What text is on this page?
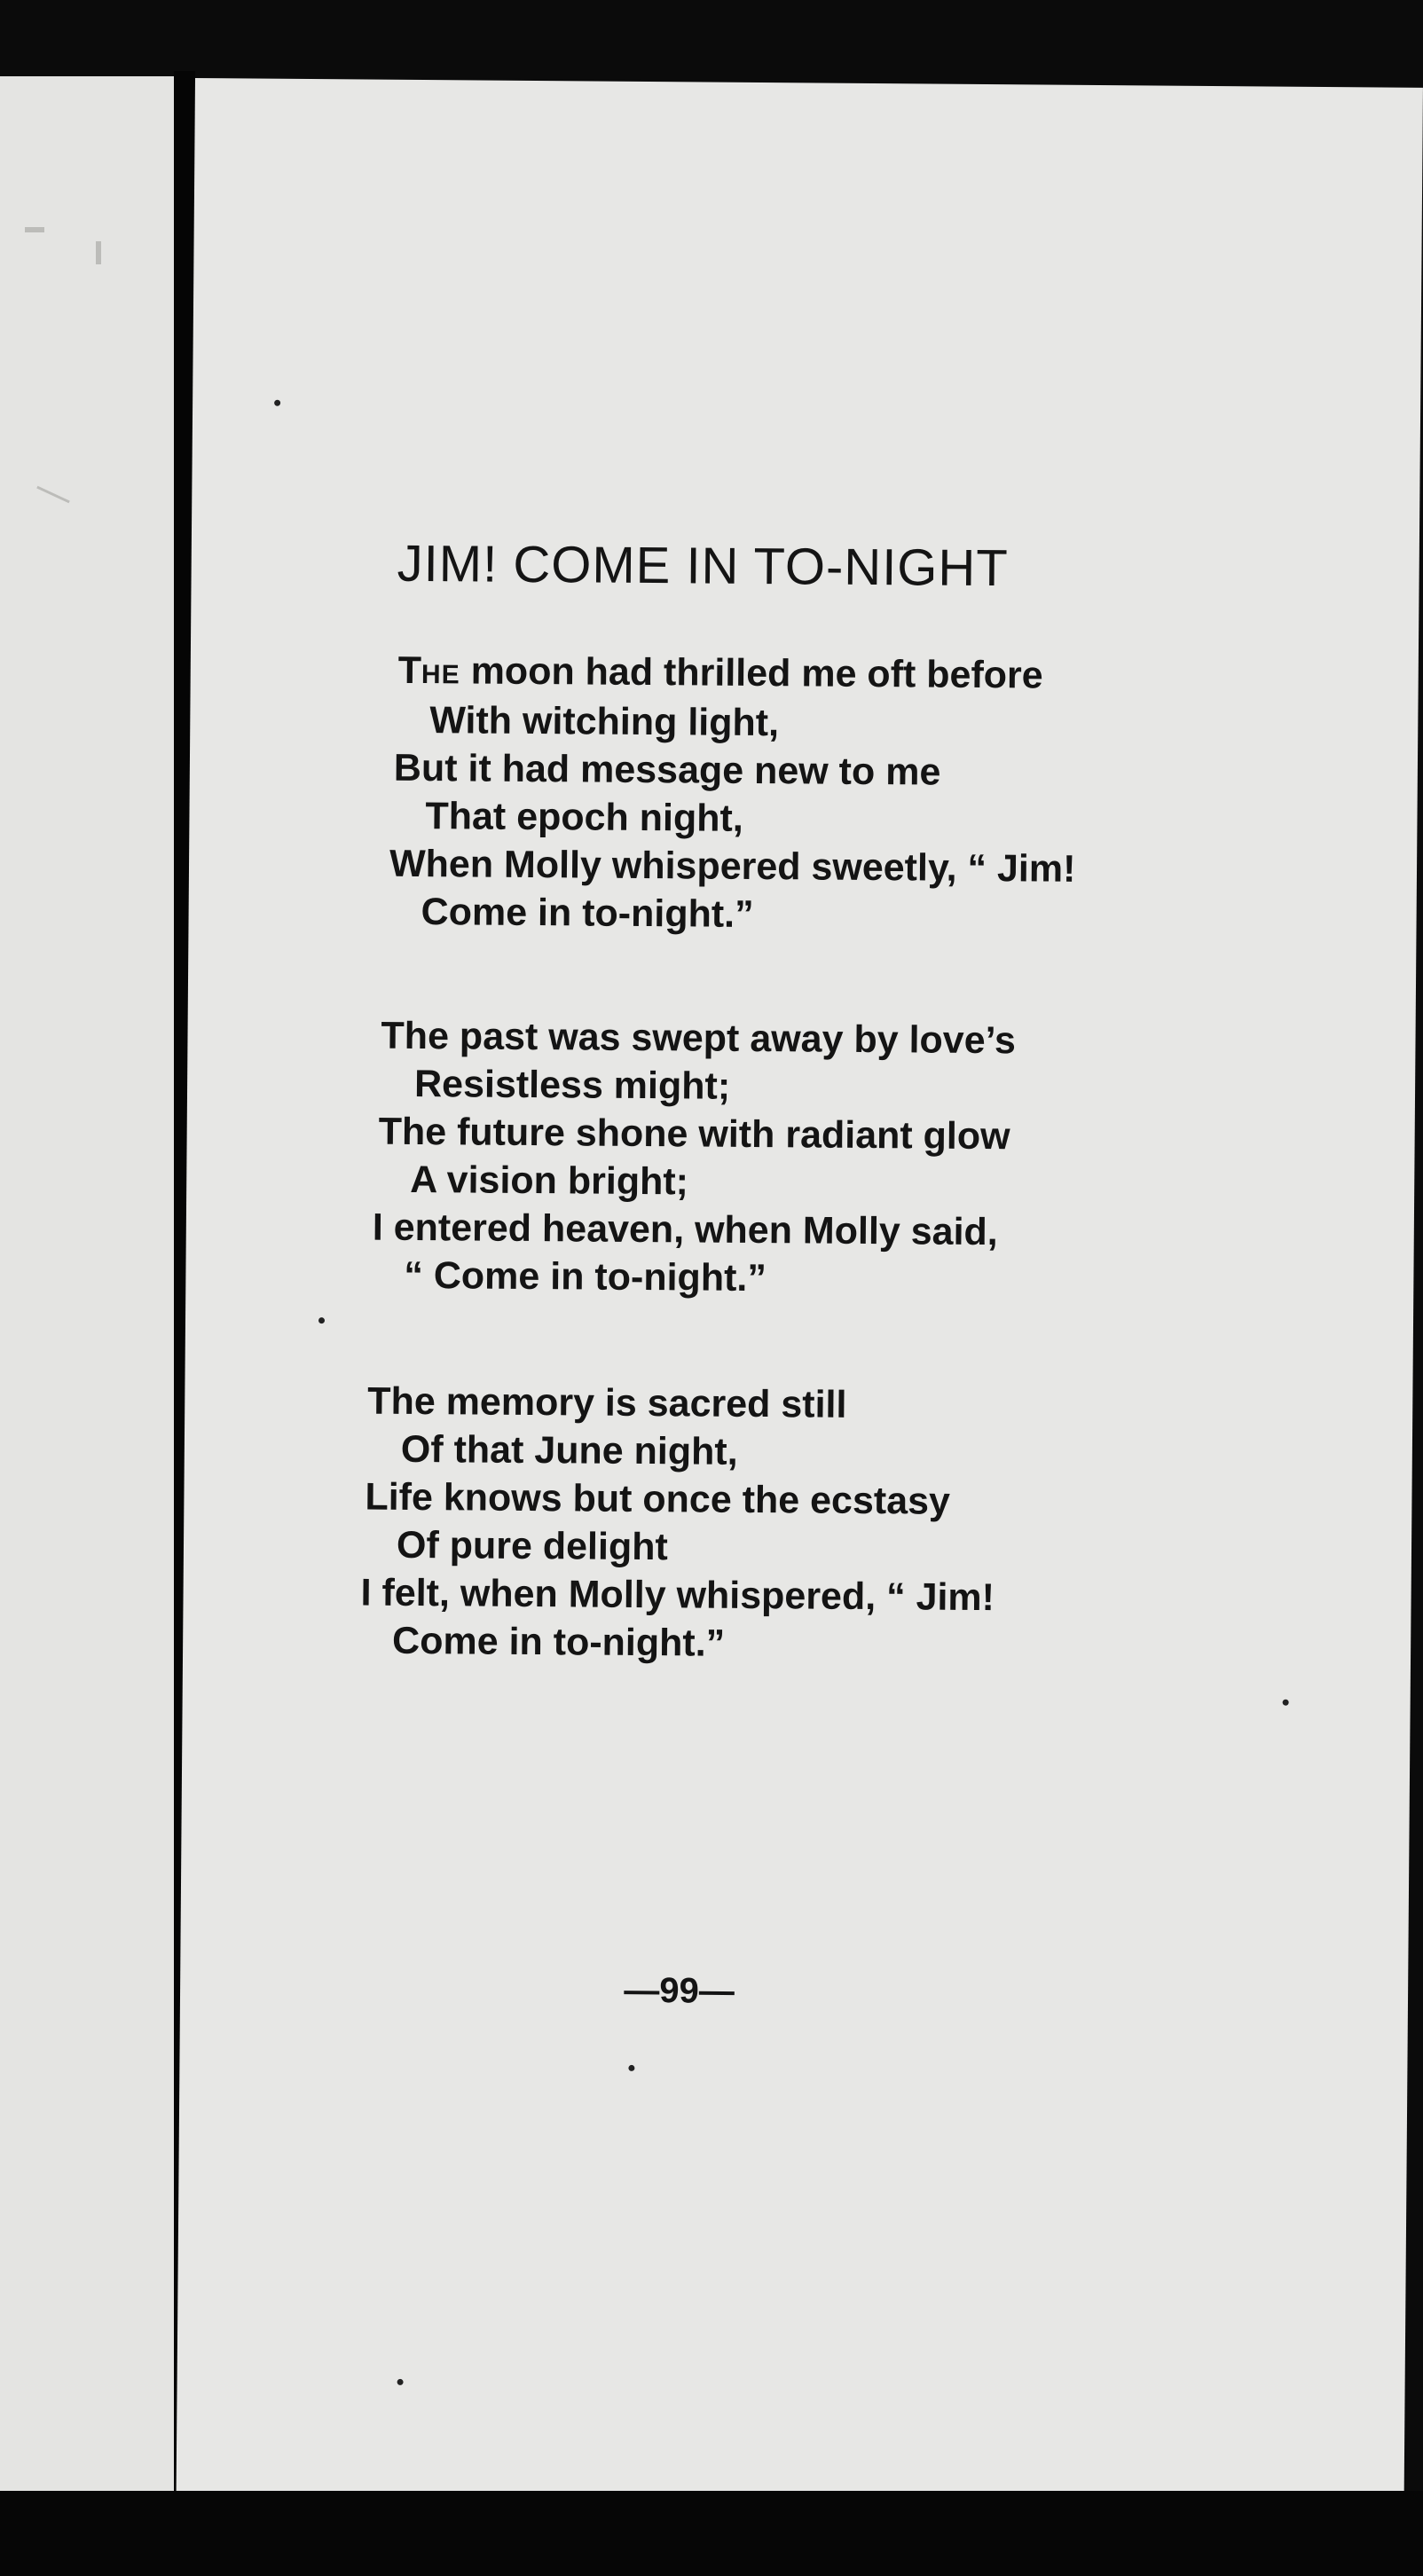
JIM! COME IN TO-NIGHT
THE moon had thrilled me oft before
With witching light,
But it had message new to me
That epoch night,
When Molly whispered sweetly, “ Jim!
Come in to-night.”
The past was swept away by love’s
Resistless might;
The future shone with radiant glow
A vision bright;
I entered heaven, when Molly said,
“ Come in to-night.”
The memory is sacred still
Of that June night,
Life knows but once the ecstasy
Of pure delight
I felt, when Molly whispered, “ Jim!
Come in to-night.”
—99—
